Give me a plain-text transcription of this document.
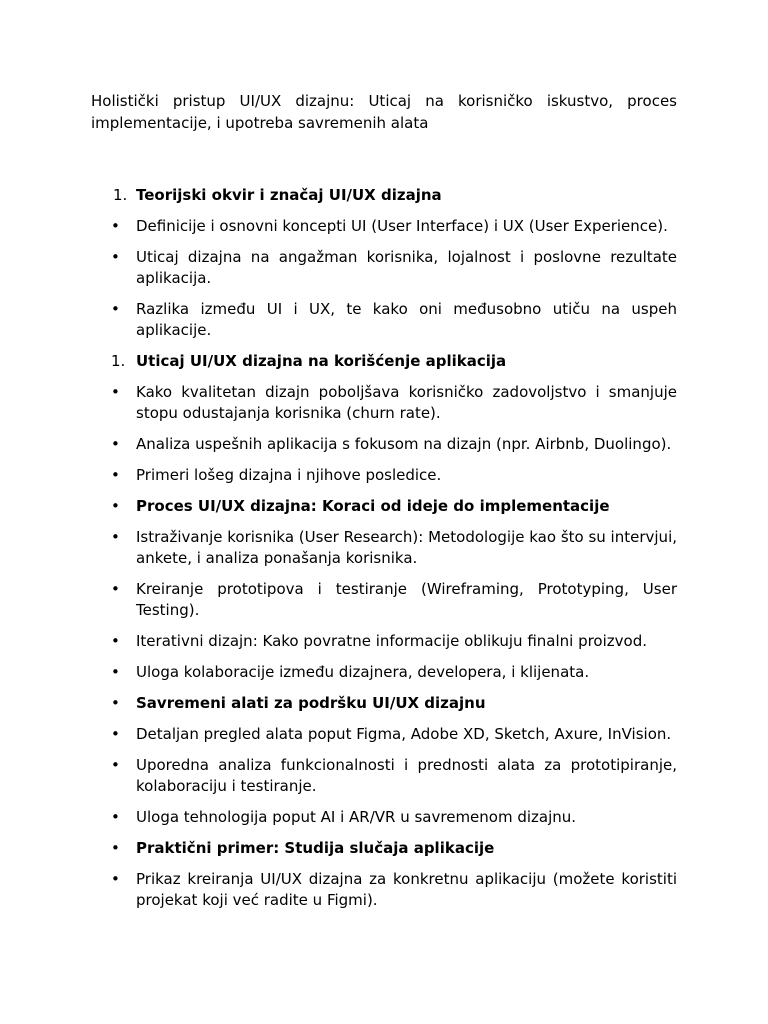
Holistički pristup UI/UX dizajnu: Uticaj na korisničko iskustvo, proces implementacije, i upotreba savremenih alata

1. Teorijski okvir i značaj UI/UX dizajna
• Definicije i osnovni koncepti UI (User Interface) i UX (User Experience).
• Uticaj dizajna na angažman korisnika, lojalnost i poslovne rezultate aplikacija.
• Razlika između UI i UX, te kako oni međusobno utiču na uspeh aplikacije.
1. Uticaj UI/UX dizajna na korišćenje aplikacija
• Kako kvalitetan dizajn poboljšava korisničko zadovoljstvo i smanjuje stopu odustajanja korisnika (churn rate).
• Analiza uspešnih aplikacija s fokusom na dizajn (npr. Airbnb, Duolingo).
• Primeri lošeg dizajna i njihove posledice.
• Proces UI/UX dizajna: Koraci od ideje do implementacije
• Istraživanje korisnika (User Research): Metodologije kao što su intervjui, ankete, i analiza ponašanja korisnika.
• Kreiranje prototipova i testiranje (Wireframing, Prototyping, User Testing).
• Iterativni dizajn: Kako povratne informacije oblikuju finalni proizvod.
• Uloga kolaboracije između dizajnera, developera, i klijenata.
• Savremeni alati za podršku UI/UX dizajnu
• Detaljan pregled alata poput Figma, Adobe XD, Sketch, Axure, InVision.
• Uporedna analiza funkcionalnosti i prednosti alata za prototipiranje, kolaboraciju i testiranje.
• Uloga tehnologija poput AI i AR/VR u savremenom dizajnu.
• Praktični primer: Studija slučaja aplikacije
• Prikaz kreiranja UI/UX dizajna za konkretnu aplikaciju (možete koristiti projekat koji već radite u Figmi).
